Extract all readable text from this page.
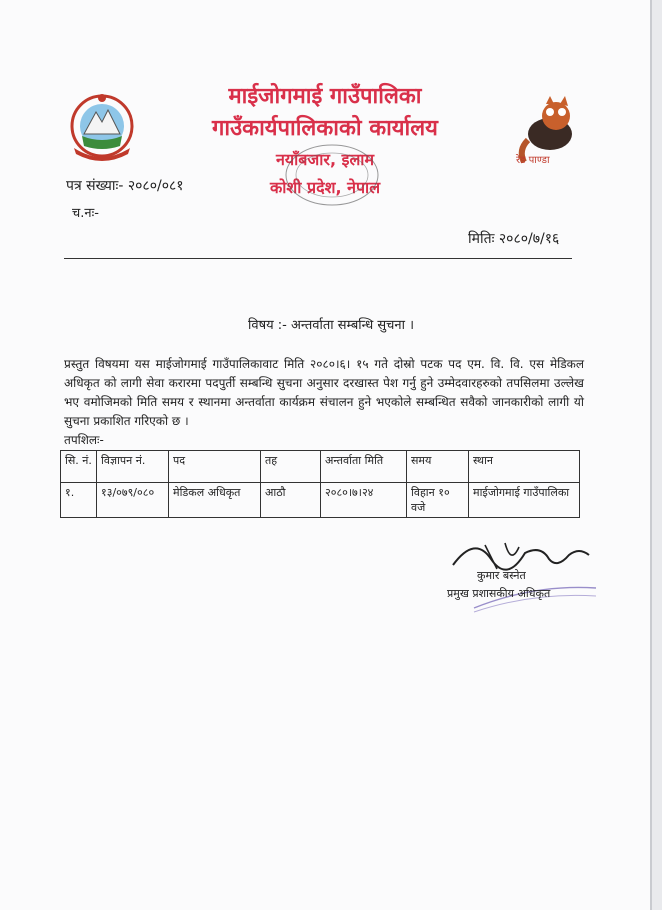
माईजोगमाई गाउँपालिका
गाउँकार्यपालिकाको कार्यालय
नयाँबजार, इलाम
कोशी प्रदेश, नेपाल
रेड पाण्डा
पत्र संख्याः- २०८०/०८१
च.नः-
मितिः २०८०/७/१६
विषय :- अन्तर्वाता सम्बन्धि सुचना ।
प्रस्तुत विषयमा यस माईजोगमाई गाउँपालिकावाट मिति २०८०।६। १५ गते दोस्रो पटक पद एम. वि. वि. एस मेडिकल अधिकृत को लागी सेवा करारमा पदपुर्ती सम्बन्धि सुचना अनुसार दरखास्त पेश गर्नु हुने उम्मेदवारहरुको तपसिलमा उल्लेख भए वमोजिमको मिति समय र स्थानमा अन्तर्वाता कार्यक्रम संचालन हुने भएकोले सम्बन्धित सवैको जानकारीको लागी यो सुचना प्रकाशित गरिएको छ ।
तपशिलः-
सि. नं.	विज्ञापन नं.	पद	तह	अन्तर्वाता मिति	समय	स्थान
१.	१३/०७९/०८०	मेडिकल अधिकृत	आठौ	२०८०।७।२४	विहान १० वजे	माईजोगमाई गाउँपालिका
कुमार बस्नेत
प्रमुख प्रशासकीय अधिकृत
